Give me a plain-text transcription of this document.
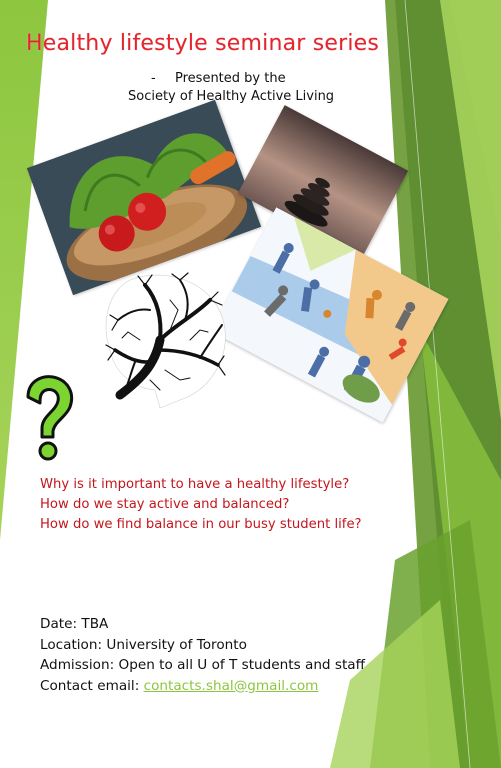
Healthy lifestyle seminar series
- Presented by the
Society of Healthy Active Living
Why is it important to have a healthy lifestyle?
How do we stay active and balanced?
How do we find balance in our busy student life?
Date: TBA
Location: University of Toronto
Admission: Open to all U of T students and staff
Contact email: contacts.shal@gmail.com
